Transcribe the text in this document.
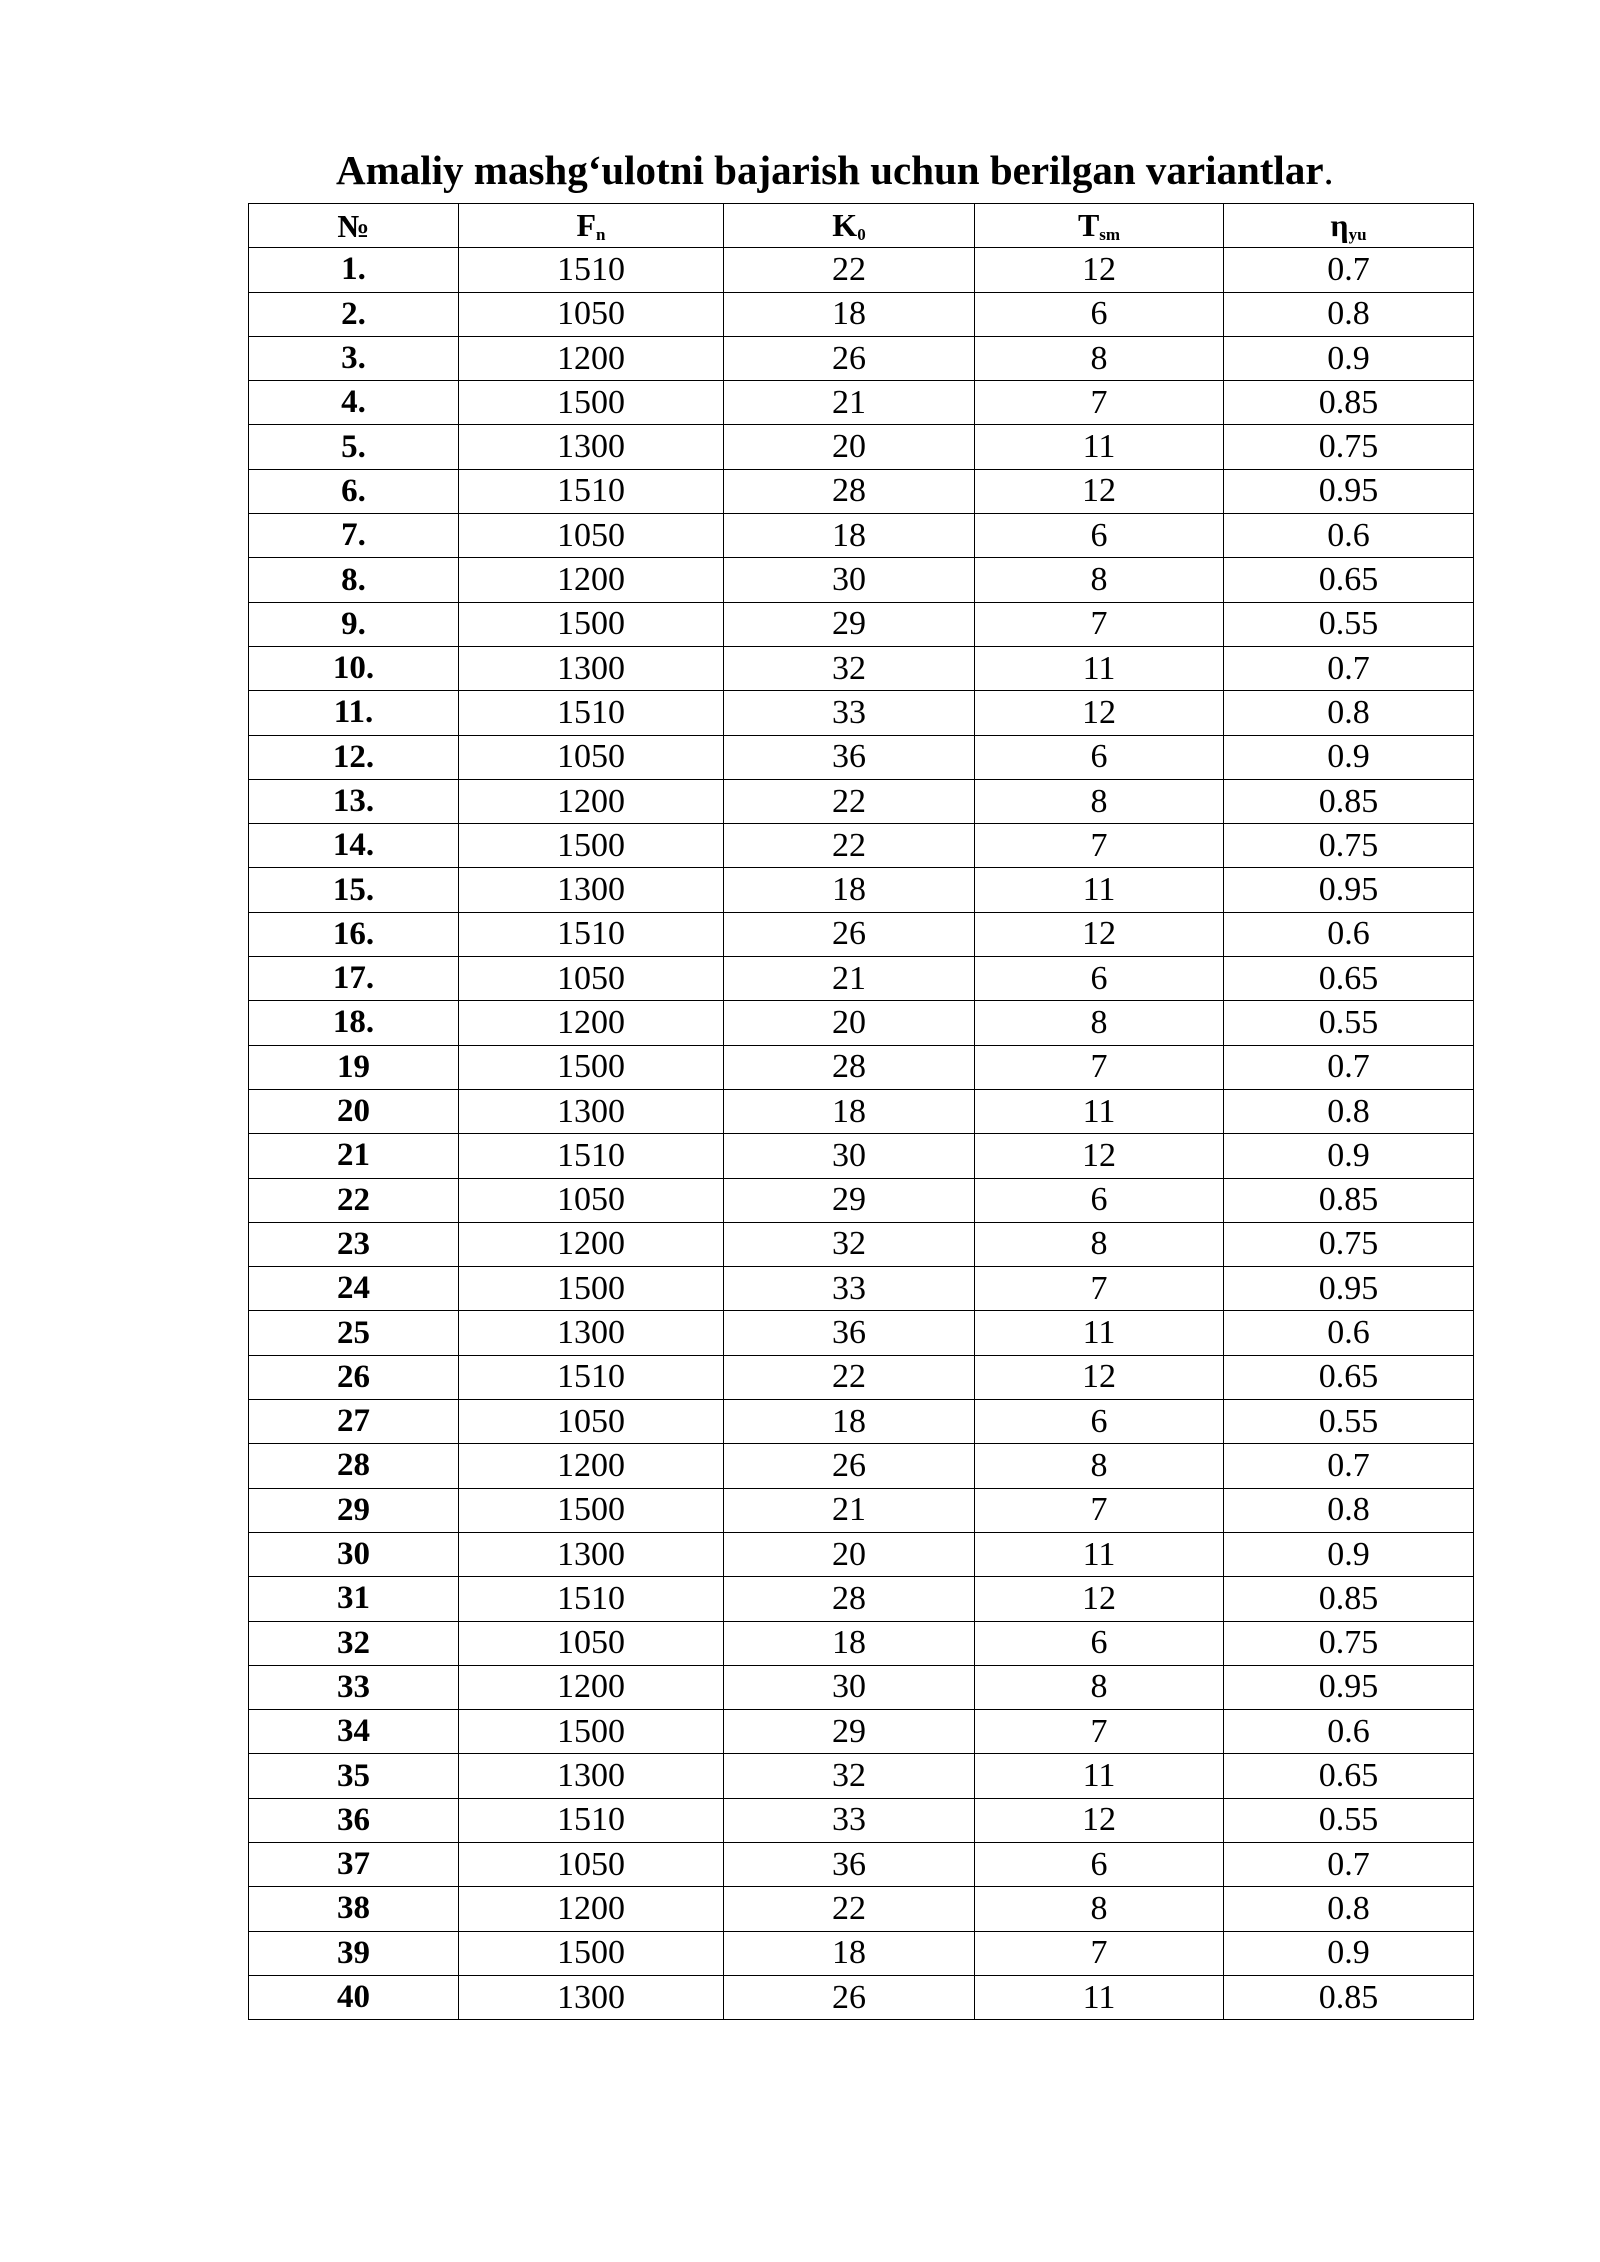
Amaliy mashg‘ulotni bajarish uchun berilgan variantlar.
№	$F_n$	$K_0$	$T_{sm}$	$\eta_{yu}$
1.	1510	22	12	0.7
2.	1050	18	6	0.8
3.	1200	26	8	0.9
4.	1500	21	7	0.85
5.	1300	20	11	0.75
6.	1510	28	12	0.95
7.	1050	18	6	0.6
8.	1200	30	8	0.65
9.	1500	29	7	0.55
10.	1300	32	11	0.7
11.	1510	33	12	0.8
12.	1050	36	6	0.9
13.	1200	22	8	0.85
14.	1500	22	7	0.75
15.	1300	18	11	0.95
16.	1510	26	12	0.6
17.	1050	21	6	0.65
18.	1200	20	8	0.55
19	1500	28	7	0.7
20	1300	18	11	0.8
21	1510	30	12	0.9
22	1050	29	6	0.85
23	1200	32	8	0.75
24	1500	33	7	0.95
25	1300	36	11	0.6
26	1510	22	12	0.65
27	1050	18	6	0.55
28	1200	26	8	0.7
29	1500	21	7	0.8
30	1300	20	11	0.9
31	1510	28	12	0.85
32	1050	18	6	0.75
33	1200	30	8	0.95
34	1500	29	7	0.6
35	1300	32	11	0.65
36	1510	33	12	0.55
37	1050	36	6	0.7
38	1200	22	8	0.8
39	1500	18	7	0.9
40	1300	26	11	0.85
